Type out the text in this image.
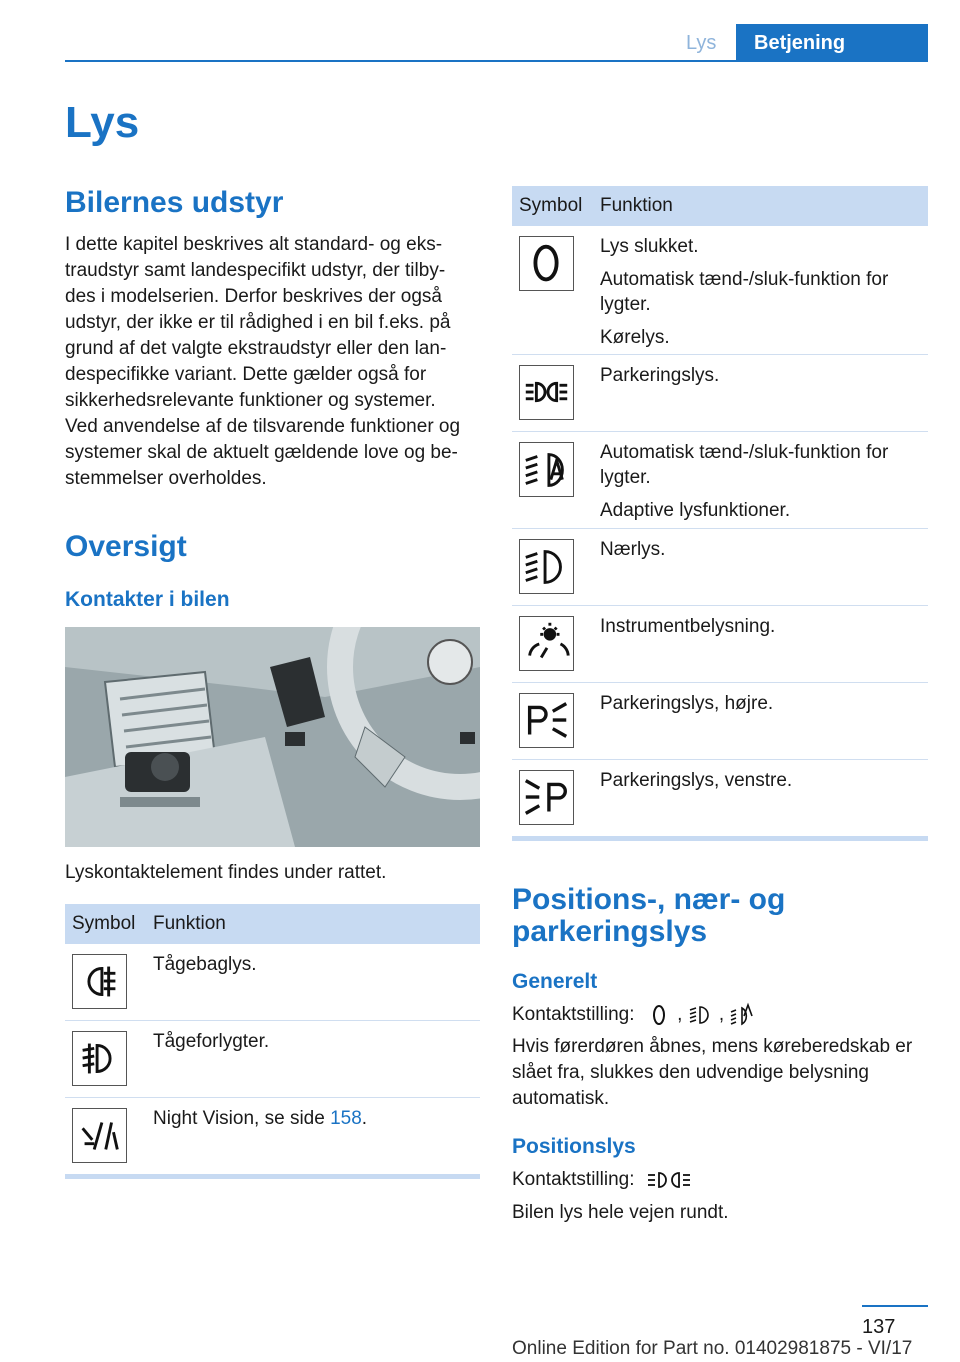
Lys	Betjening
Lys
Bilernes udstyr
I dette kapitel beskrives alt standard- og eks-
traudstyr samt landespecifikt udstyr, der tilby-
des i modelserien. Derfor beskrives der også
udstyr, der ikke er til rådighed i en bil f.eks. på
grund af det valgte ekstraudstyr eller den lan-
despecifikke variant. Dette gælder også for
sikkerhedsrelevante funktioner og systemer.
Ved anvendelse af de tilsvarende funktioner og
systemer skal de aktuelt gældende love og be-
stemmelser overholdes.
Oversigt
Kontakter i bilen
Lyskontaktelement findes under rattet.
Symbol Funktion
Tågebaglys.
Tågeforlygter.
Night Vision, se side 158.
Symbol Funktion
Lys slukket.
Automatisk tænd-/sluk-funktion for lygter.
Kørelys.
Parkeringslys.
Automatisk tænd-/sluk-funktion for lygter.
Adaptive lysfunktioner.
Nærlys.
Instrumentbelysning.
Parkeringslys, højre.
Parkeringslys, venstre.
Positions-, nær- og
parkeringslys
Generelt
Kontaktstilling:  ,  ,
Hvis førerdøren åbnes, mens køreberedskab er
slået fra, slukkes den udvendige belysning
automatisk.
Positionslys
Kontaktstilling:
Bilen lys hele vejen rundt.
137
Online Edition for Part no. 01402981875 - VI/17
